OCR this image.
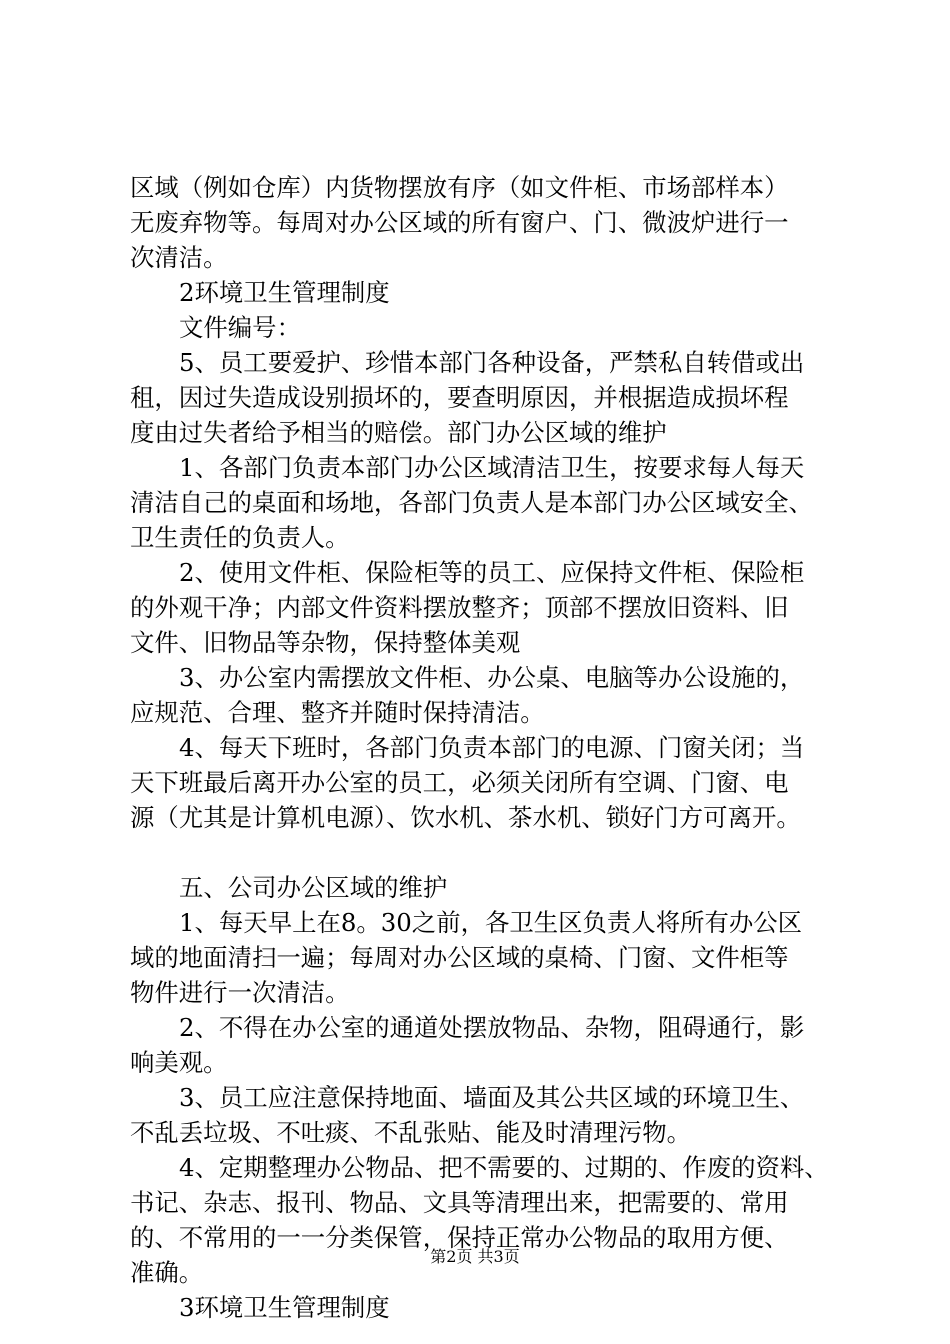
区域（例如仓库）内货物摆放有序（如文件柜、市场部样本）
无废弃物等。每周对办公区域的所有窗户、门、微波炉进行一
次清洁。
2环境卫生管理制度
文件编号：
5、员工要爱护、珍惜本部门各种设备，严禁私自转借或出
租，因过失造成设别损坏的，要查明原因，并根据造成损坏程
度由过失者给予相当的赔偿。部门办公区域的维护
1、各部门负责本部门办公区域清洁卫生，按要求每人每天
清洁自己的桌面和场地，各部门负责人是本部门办公区域安全、
卫生责任的负责人。
2、使用文件柜、保险柜等的员工、应保持文件柜、保险柜
的外观干净；内部文件资料摆放整齐；顶部不摆放旧资料、旧
文件、旧物品等杂物，保持整体美观
3、办公室内需摆放文件柜、办公桌、电脑等办公设施的，
应规范、合理、整齐并随时保持清洁。
4、每天下班时，各部门负责本部门的电源、门窗关闭；当
天下班最后离开办公室的员工，必须关闭所有空调、门窗、电
源（尤其是计算机电源）、饮水机、茶水机、锁好门方可离开。
五、公司办公区域的维护
1、每天早上在8。30之前，各卫生区负责人将所有办公区
域的地面清扫一遍；每周对办公区域的桌椅、门窗、文件柜等
物件进行一次清洁。
2、不得在办公室的通道处摆放物品、杂物，阻碍通行，影
响美观。
3、员工应注意保持地面、墙面及其公共区域的环境卫生、
不乱丢垃圾、不吐痰、不乱张贴、能及时清理污物。
4、定期整理办公物品、把不需要的、过期的、作废的资料、
书记、杂志、报刊、物品、文具等清理出来，把需要的、常用
的、不常用的一一分类保管，保持正常办公物品的取用方便、
准确。
3环境卫生管理制度
第2页 共3页
